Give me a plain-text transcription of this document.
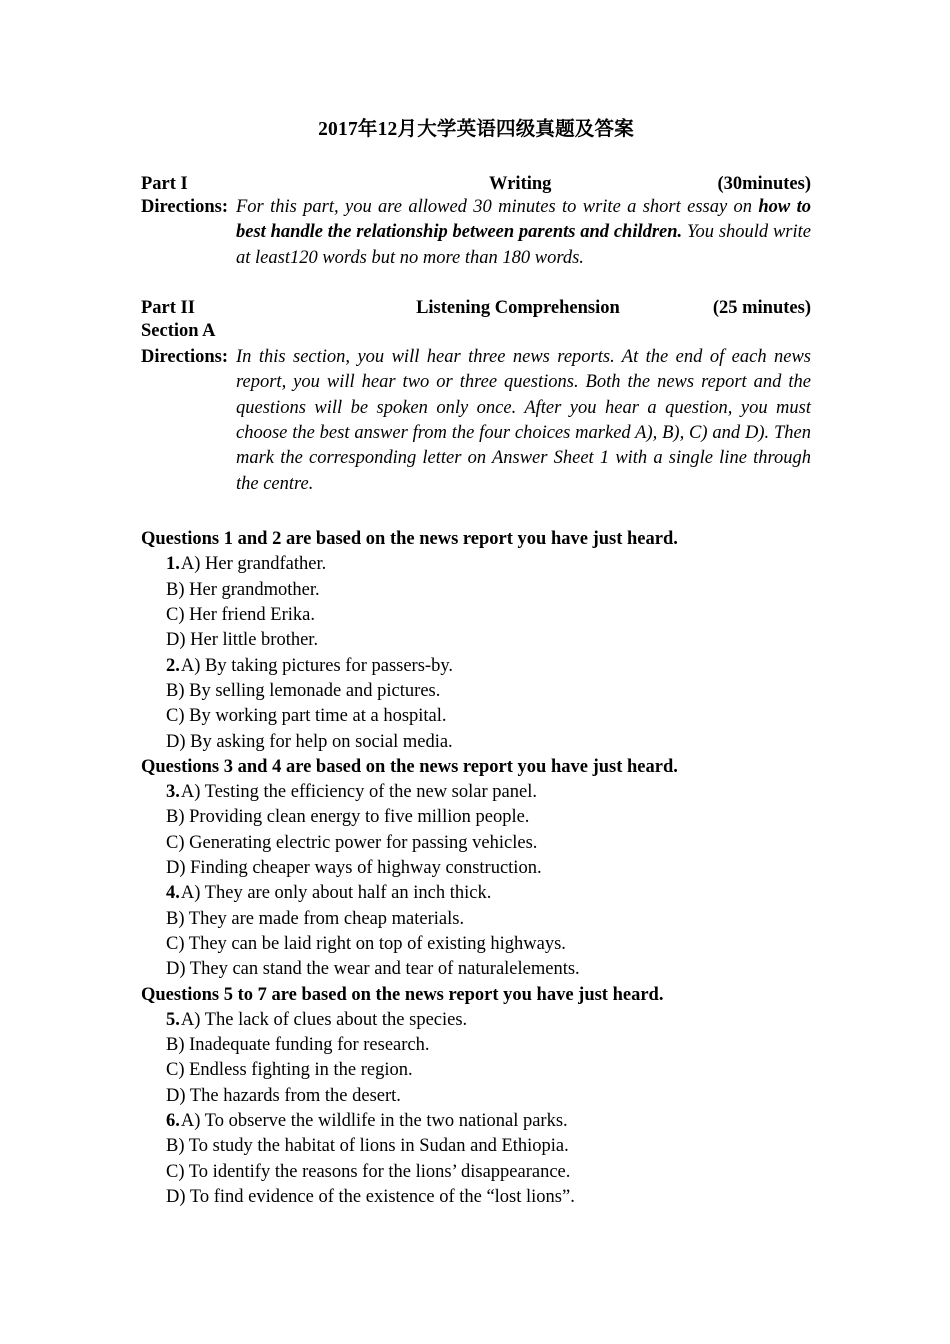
2017年12月大学英语四级真题及答案
Part I	Writing	(30minutes)
Directions: For this part, you are allowed 30 minutes to write a short essay on how to best handle the relationship between parents and children. You should write at least120 words but no more than 180 words.
Part II	Listening Comprehension	(25 minutes)
Section A
Directions: In this section, you will hear three news reports. At the end of each news report, you will hear two or three questions. Both the news report and the questions will be spoken only once. After you hear a question, you must choose the best answer from the four choices marked A), B), C) and D). Then mark the corresponding letter on Answer Sheet 1 with a single line through the centre.
Questions 1 and 2 are based on the news report you have just heard.
1.A) Her grandfather.
B) Her grandmother.
C) Her friend Erika.
D) Her little brother.
2.A) By taking pictures for passers-by.
B) By selling lemonade and pictures.
C) By working part time at a hospital.
D) By asking for help on social media.
Questions 3 and 4 are based on the news report you have just heard.
3.A) Testing the efficiency of the new solar panel.
B) Providing clean energy to five million people.
C) Generating electric power for passing vehicles.
D) Finding cheaper ways of highway construction.
4.A) They are only about half an inch thick.
B) They are made from cheap materials.
C) They can be laid right on top of existing highways.
D) They can stand the wear and tear of naturalelements.
Questions 5 to 7 are based on the news report you have just heard.
5.A) The lack of clues about the species.
B) Inadequate funding for research.
C) Endless fighting in the region.
D) The hazards from the desert.
6.A) To observe the wildlife in the two national parks.
B) To study the habitat of lions in Sudan and Ethiopia.
C) To identify the reasons for the lions’ disappearance.
D) To find evidence of the existence of the “lost lions”.
